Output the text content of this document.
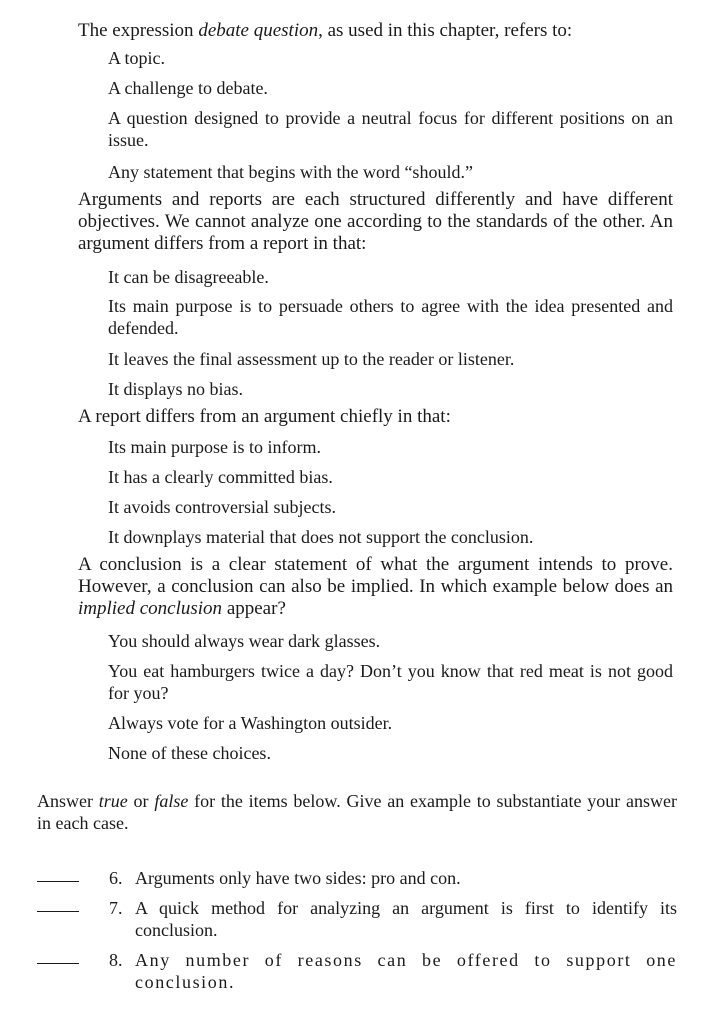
The expression debate question, as used in this chapter, refers to:
A topic.
A challenge to debate.
A question designed to provide a neutral focus for different positions on an issue.
Any statement that begins with the word “should.”
Arguments and reports are each structured differently and have different objectives. We cannot analyze one according to the standards of the other. An argument differs from a report in that:
It can be disagreeable.
Its main purpose is to persuade others to agree with the idea presented and defended.
It leaves the final assessment up to the reader or listener.
It displays no bias.
A report differs from an argument chiefly in that:
Its main purpose is to inform.
It has a clearly committed bias.
It avoids controversial subjects.
It downplays material that does not support the conclusion.
A conclusion is a clear statement of what the argument intends to prove. However, a conclusion can also be implied. In which example below does an implied conclusion appear?
You should always wear dark glasses.
You eat hamburgers twice a day? Don’t you know that red meat is not good for you?
Always vote for a Washington outsider.
None of these choices.
Answer true or false for the items below. Give an example to substantiate your answer in each case.
6. Arguments only have two sides: pro and con.
7. A quick method for analyzing an argument is first to identify its conclusion.
8. Any number of reasons can be offered to support one conclusion.
